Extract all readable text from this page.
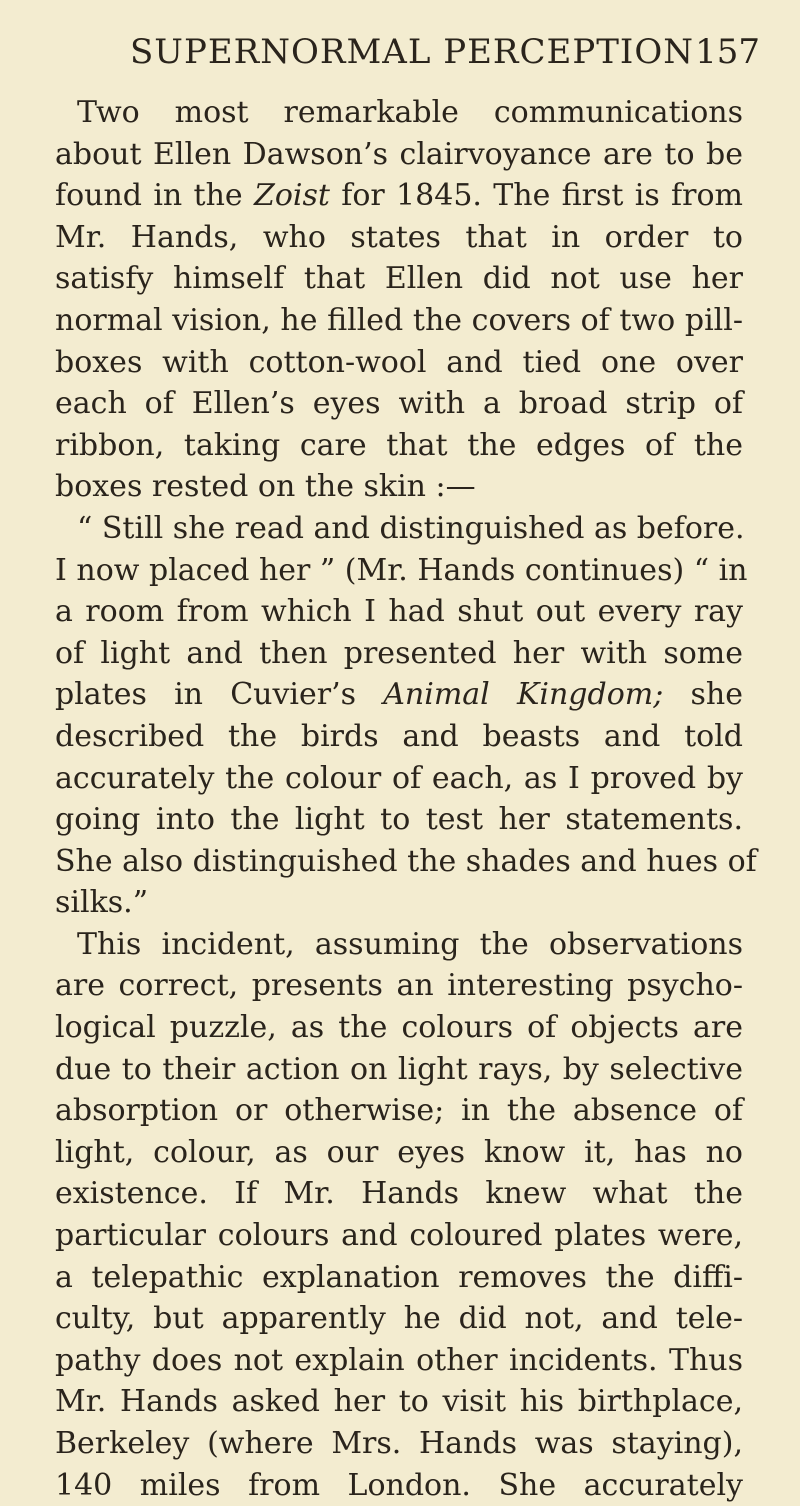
SUPERNORMAL PERCEPTION 157
Two most remarkable communications
about Ellen Dawson’s clairvoyance are to be
found in the Zoist for 1845. The first is from
Mr. Hands, who states that in order to
satisfy himself that Ellen did not use her
normal vision, he filled the covers of two pill-
boxes with cotton-wool and tied one over
each of Ellen’s eyes with a broad strip of
ribbon, taking care that the edges of the
boxes rested on the skin :—
“ Still she read and distinguished as before.
I now placed her ” (Mr. Hands continues) “ in
a room from which I had shut out every ray
of light and then presented her with some
plates in Cuvier’s Animal Kingdom; she
described the birds and beasts and told
accurately the colour of each, as I proved by
going into the light to test her statements.
She also distinguished the shades and hues of
silks.”
This incident, assuming the observations
are correct, presents an interesting psycho-
logical puzzle, as the colours of objects are
due to their action on light rays, by selective
absorption or otherwise; in the absence of
light, colour, as our eyes know it, has no
existence. If Mr. Hands knew what the
particular colours and coloured plates were,
a telepathic explanation removes the diffi-
culty, but apparently he did not, and tele-
pathy does not explain other incidents. Thus
Mr. Hands asked her to visit his birthplace,
Berkeley (where Mrs. Hands was staying),
140 miles from London. She accurately
